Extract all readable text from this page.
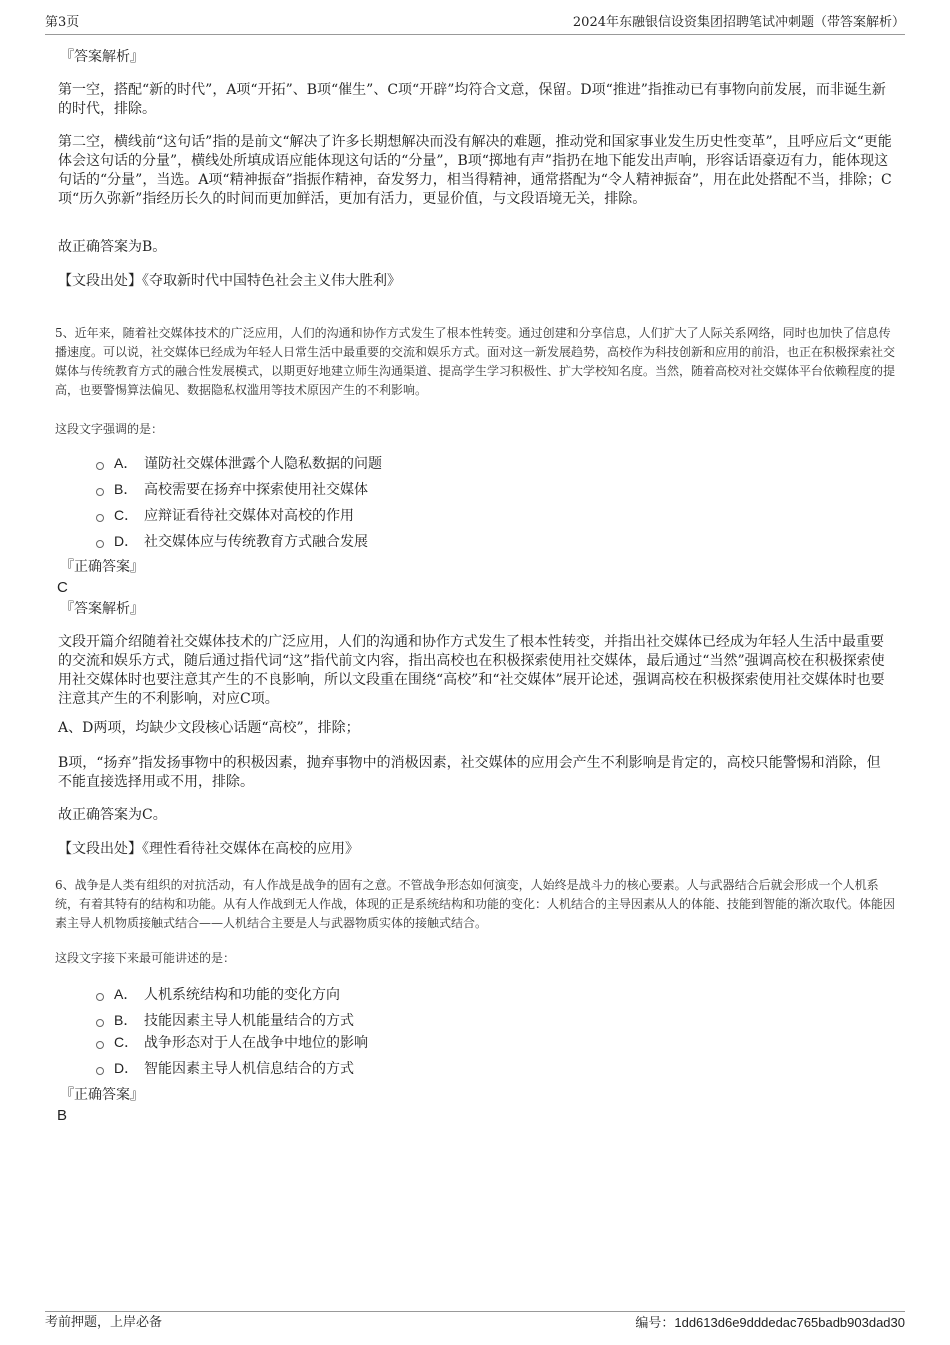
第3页	2024年东融银信设资集团招聘笔试冲刺题（带答案解析）
『答案解析』

第一空，搭配“新的时代”，A项“开拓”、B项“催生”、C项“开辟”均符合文意，保留。D项“推进”指推动已有事物向前发展，而非诞生新的时代，排除。

第二空，横线前“这句话”指的是前文“解决了许多长期想解决而没有解决的难题，推动党和国家事业发生历史性变革”，且呼应后文“更能体会这句话的分量”，横线处所填成语应能体现这句话的“分量”，B项“掷地有声”指扔在地下能发出声响，形容话语豪迈有力，能体现这句话的“分量”，当选。A项“精神振奋”指振作精神，奋发努力，相当得精神，通常搭配为“令人精神振奋”，用在此处搭配不当，排除；C项“历久弥新”指经历长久的时间而更加鲜活，更加有活力，更显价值，与文段语境无关，排除。

故正确答案为B。

【文段出处】《夺取新时代中国特色社会主义伟大胜利》

5、近年来，随着社交媒体技术的广泛应用，人们的沟通和协作方式发生了根本性转变。通过创建和分享信息，人们扩大了人际关系网络，同时也加快了信息传播速度。可以说，社交媒体已经成为年轻人日常生活中最重要的交流和娱乐方式。面对这一新发展趋势，高校作为科技创新和应用的前沿，也正在积极探索社交媒体与传统教育方式的融合性发展模式，以期更好地建立师生沟通渠道、提高学生学习积极性、扩大学校知名度。当然，随着高校对社交媒体平台依赖程度的提高，也要警惕算法偏见、数据隐私权滥用等技术原因产生的不利影响。

这段文字强调的是：

A． 谨防社交媒体泄露个人隐私数据的问题
B． 高校需要在扬弃中探索使用社交媒体
C． 应辩证看待社交媒体对高校的作用
D． 社交媒体应与传统教育方式融合发展
『正确答案』
C
『答案解析』

文段开篇介绍随着社交媒体技术的广泛应用，人们的沟通和协作方式发生了根本性转变，并指出社交媒体已经成为年轻人生活中最重要的交流和娱乐方式，随后通过指代词“这”指代前文内容，指出高校也在积极探索使用社交媒体，最后通过“当然”强调高校在积极探索使用社交媒体时也要注意其产生的不良影响，所以文段重在围绕“高校”和“社交媒体”展开论述，强调高校在积极探索使用社交媒体时也要注意其产生的不利影响，对应C项。

A、D两项，均缺少文段核心话题“高校”，排除；

B项，“扬弃”指发扬事物中的积极因素，抛弃事物中的消极因素，社交媒体的应用会产生不利影响是肯定的，高校只能警惕和消除，但不能直接选择用或不用，排除。

故正确答案为C。

【文段出处】《理性看待社交媒体在高校的应用》

6、战争是人类有组织的对抗活动，有人作战是战争的固有之意。不管战争形态如何演变，人始终是战斗力的核心要素。人与武器结合后就会形成一个人机系统，有着其特有的结构和功能。从有人作战到无人作战，体现的正是系统结构和功能的变化：人机结合的主导因素从人的体能、技能到智能的渐次取代。体能因素主导人机物质接触式结合——人机结合主要是人与武器物质实体的接触式结合。

这段文字接下来最可能讲述的是：

A． 人机系统结构和功能的变化方向
B． 技能因素主导人机能量结合的方式
C． 战争形态对于人在战争中地位的影响
D． 智能因素主导人机信息结合的方式
『正确答案』
B
考前押题，上岸必备	编号：1dd613d6e9dddedac765badb903dad30
